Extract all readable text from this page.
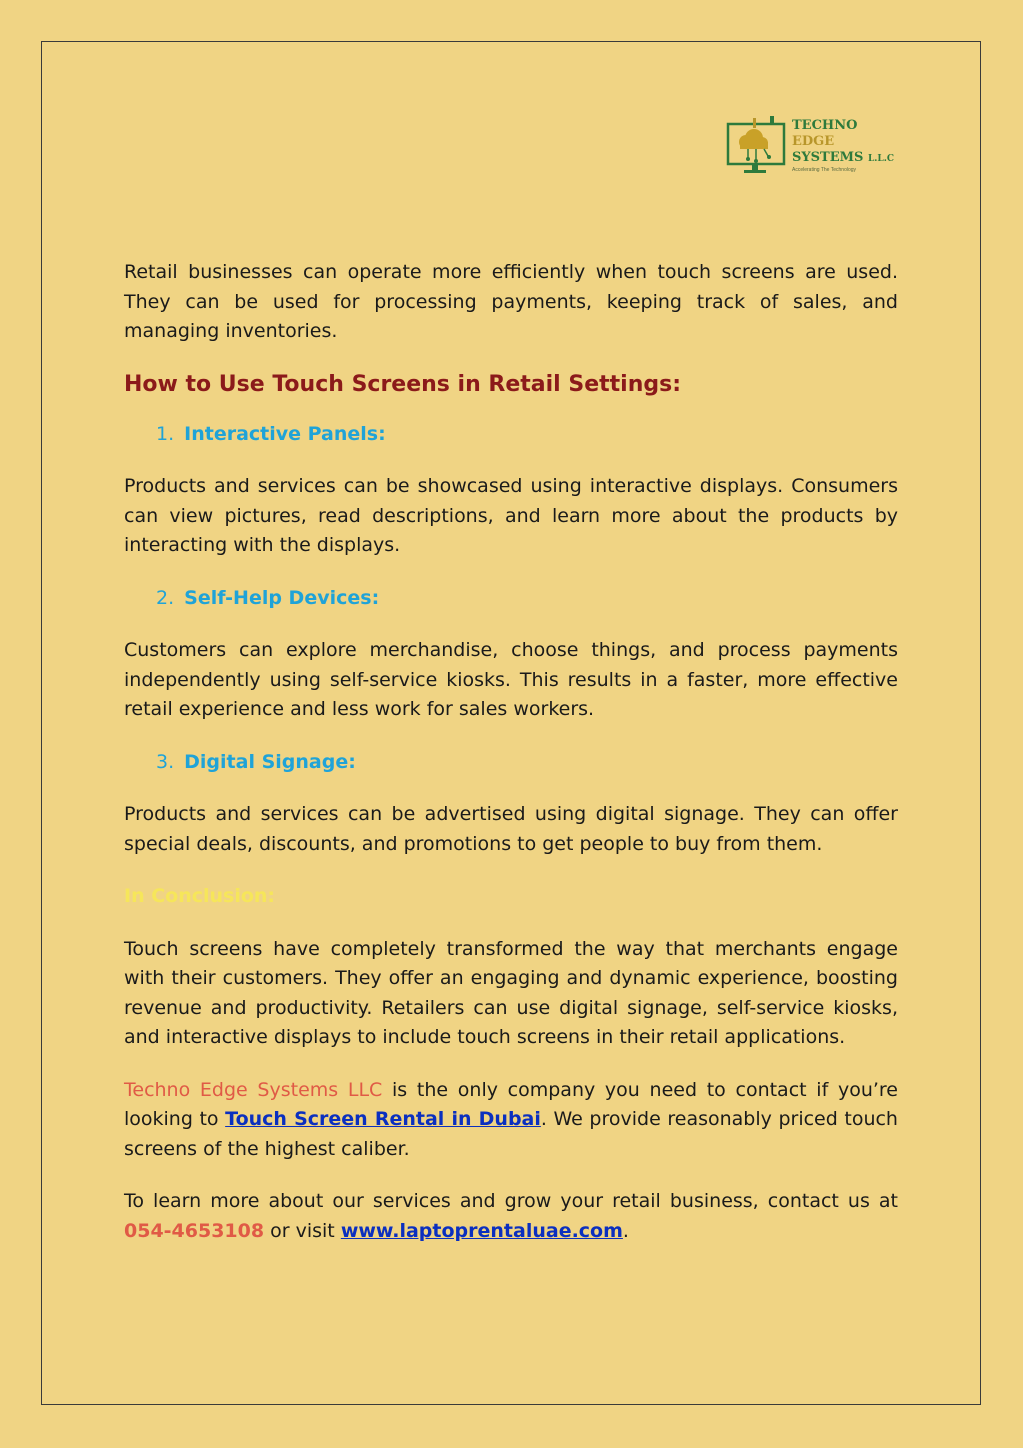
TECHNO
EDGE
SYSTEMS L.L.C
Accelerating The Technology

Retail businesses can operate more efficiently when touch screens are used. They can be used for processing payments, keeping track of sales, and managing inventories.

How to Use Touch Screens in Retail Settings:
1. Interactive Panels:

Products and services can be showcased using interactive displays. Consumers can view pictures, read descriptions, and learn more about the products by interacting with the displays.

2. Self-Help Devices:

Customers can explore merchandise, choose things, and process payments independently using self-service kiosks. This results in a faster, more effective retail experience and less work for sales workers.

3. Digital Signage:

Products and services can be advertised using digital signage. They can offer special deals, discounts, and promotions to get people to buy from them.

In Conclusion:

Touch screens have completely transformed the way that merchants engage with their customers. They offer an engaging and dynamic experience, boosting revenue and productivity. Retailers can use digital signage, self-service kiosks, and interactive displays to include touch screens in their retail applications.

Techno Edge Systems LLC is the only company you need to contact if you’re looking to Touch Screen Rental in Dubai. We provide reasonably priced touch screens of the highest caliber.

To learn more about our services and grow your retail business, contact us at 054-4653108 or visit www.laptoprentaluae.com.
